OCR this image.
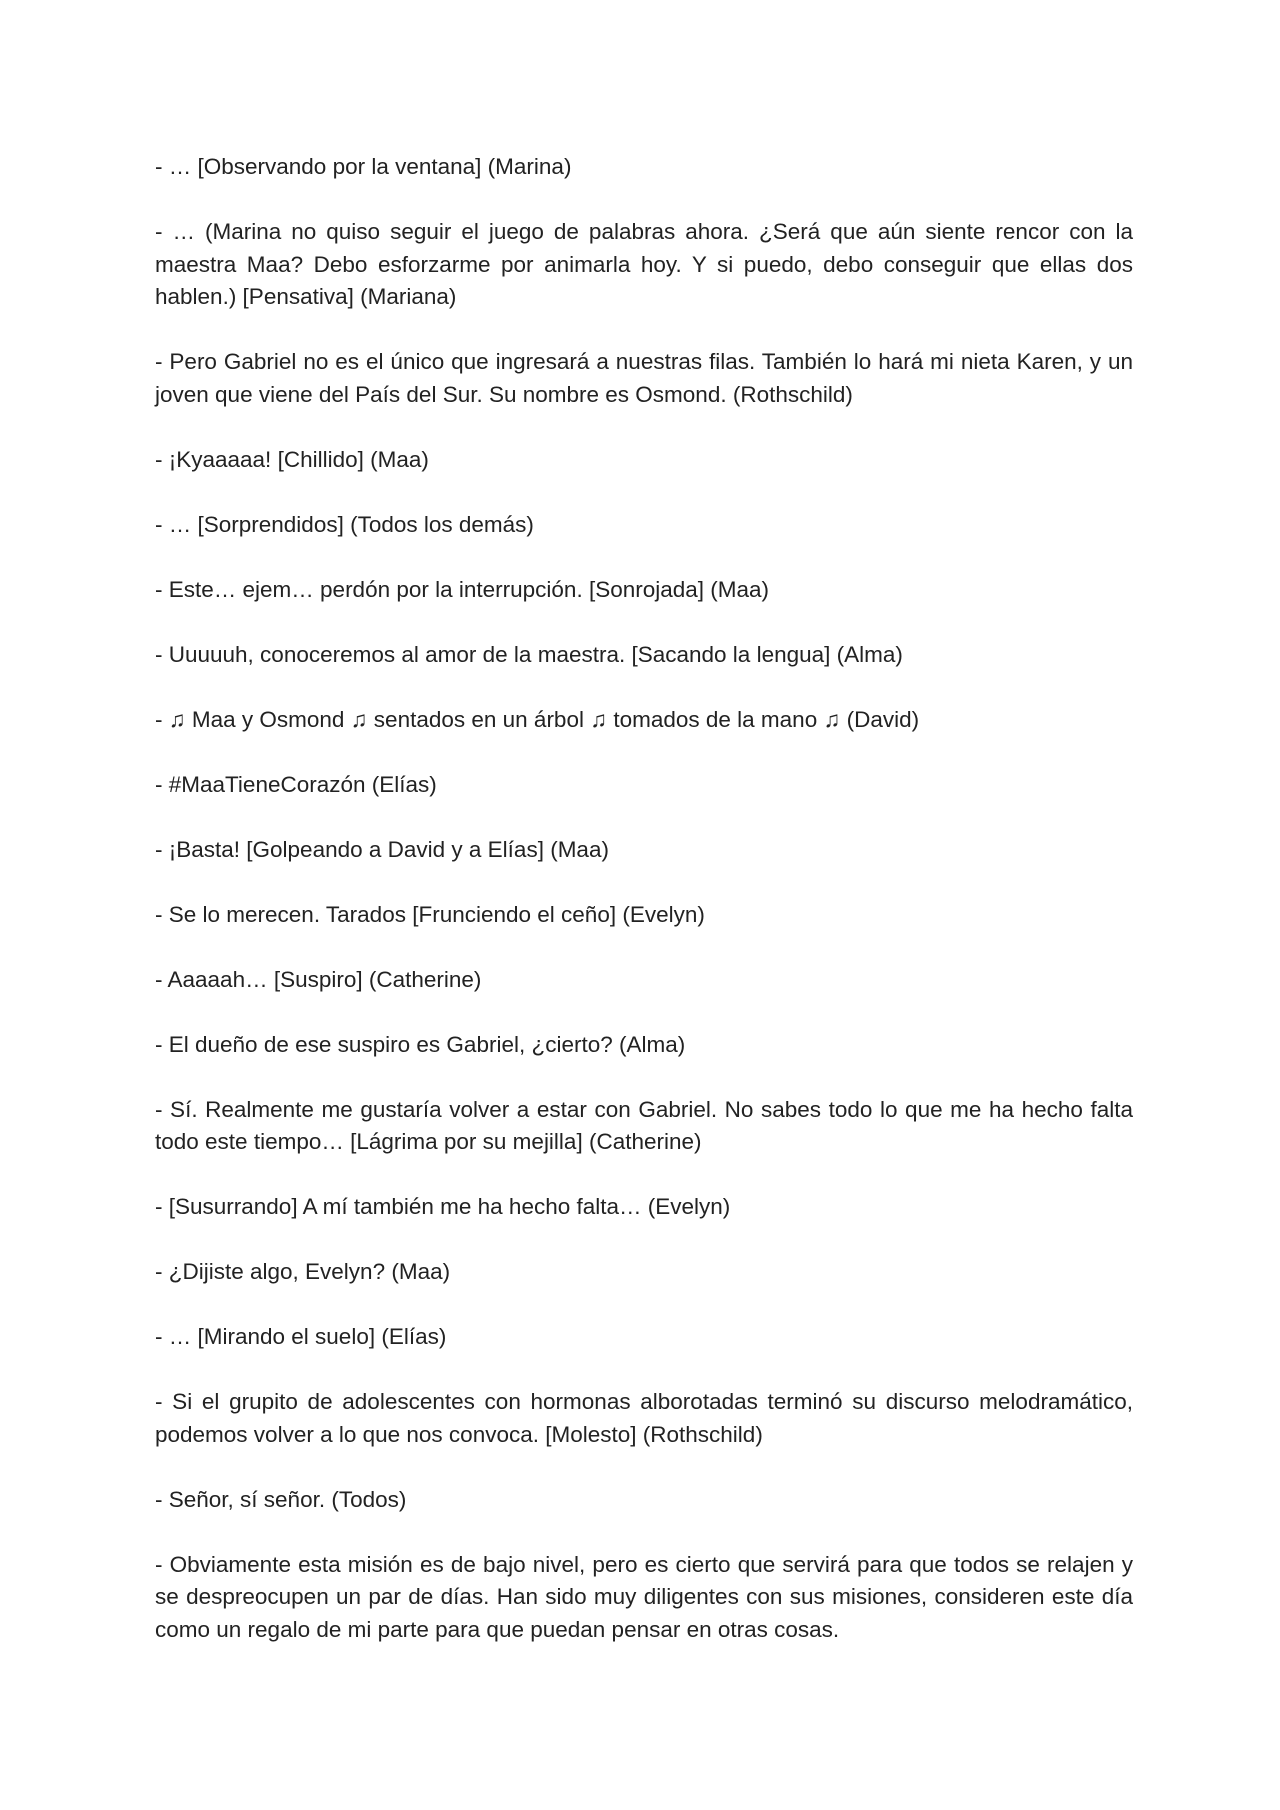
- … [Observando por la ventana] (Marina)

- … (Marina no quiso seguir el juego de palabras ahora. ¿Será que aún siente rencor con la maestra Maa? Debo esforzarme por animarla hoy. Y si puedo, debo conseguir que ellas dos hablen.) [Pensativa] (Mariana)

- Pero Gabriel no es el único que ingresará a nuestras filas. También lo hará mi nieta Karen, y un joven que viene del País del Sur. Su nombre es Osmond. (Rothschild)

- ¡Kyaaaaa! [Chillido] (Maa)

- … [Sorprendidos] (Todos los demás)

- Este… ejem… perdón por la interrupción. [Sonrojada] (Maa)

- Uuuuuh, conoceremos al amor de la maestra. [Sacando la lengua] (Alma)

- ♫ Maa y Osmond ♫ sentados en un árbol ♫ tomados de la mano ♫ (David)

- #MaaTieneCorazón (Elías)

- ¡Basta! [Golpeando a David y a Elías] (Maa)

- Se lo merecen. Tarados [Frunciendo el ceño] (Evelyn)

- Aaaaah… [Suspiro] (Catherine)

- El dueño de ese suspiro es Gabriel, ¿cierto? (Alma)

- Sí. Realmente me gustaría volver a estar con Gabriel. No sabes todo lo que me ha hecho falta todo este tiempo… [Lágrima por su mejilla] (Catherine)

- [Susurrando] A mí también me ha hecho falta… (Evelyn)

- ¿Dijiste algo, Evelyn? (Maa)

- … [Mirando el suelo] (Elías)

- Si el grupito de adolescentes con hormonas alborotadas terminó su discurso melodramático, podemos volver a lo que nos convoca. [Molesto] (Rothschild)

- Señor, sí señor. (Todos)

- Obviamente esta misión es de bajo nivel, pero es cierto que servirá para que todos se relajen y se despreocupen un par de días. Han sido muy diligentes con sus misiones, consideren este día como un regalo de mi parte para que puedan pensar en otras cosas.
